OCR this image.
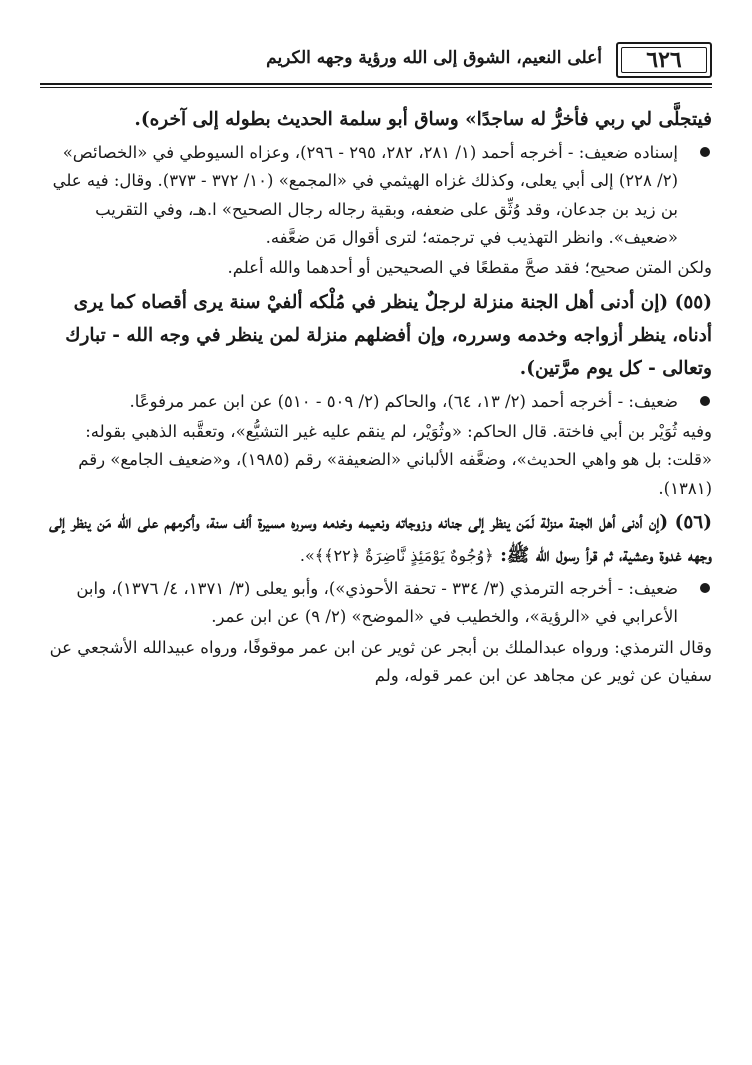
٦٢٦
أعلى النعيم، الشوق إلى الله ورؤية وجهه الكريم

فيتجلَّى لي ربي فأخرُّ له ساجدًا» وساق أبو سلمة الحديث بطوله إلى آخره).

إسناده ضعيف: - أخرجه أحمد (١/ ٢٨١، ٢٨٢، ٢٩٥ - ٢٩٦)، وعزاه السيوطي في «الخصائص» (٢/ ٢٢٨) إلى أبي يعلى، وكذلك غزاه الهيثمي في «المجمع» (١٠/ ٣٧٢ - ٣٧٣). وقال: فيه علي بن زيد بن جدعان، وقد وُثِّق على ضعفه، وبقية رجاله رجال الصحيح» ا.هـ، وفي التقريب «ضعيف». وانظر التهذيب في ترجمته؛ لترى أقوال مَن ضعَّفه.

ولكن المتن صحيح؛ فقد صحَّ مقطعًا في الصحيحين أو أحدهما والله أعلم.

(٥٥) (إن أدنى أهل الجنة منزلة لرجلٌ ينظر في مُلْكه ألفيْ سنة يرى أقصاه كما يرى أدناه، ينظر أزواجه وخدمه وسرره، وإن أفضلهم منزلة لمن ينظر في وجه الله - تبارك وتعالى - كل يوم مرَّتين).

ضعيف: - أخرجه أحمد (٢/ ١٣، ٦٤)، والحاكم (٢/ ٥٠٩ - ٥١٠) عن ابن عمر مرفوعًا.

وفيه ثُوَيْر بن أبي فاختة. قال الحاكم: «وثُوَيْر، لم ينقم عليه غير التشيُّع»، وتعقَّبه الذهبي بقوله: «قلت: بل هو واهي الحديث»، وضعَّفه الألباني «الضعيفة» رقم (١٩٨٥)، و«ضعيف الجامع» رقم (١٣٨١).

(٥٦) (إن أدنى أهل الجنة منزلة لَمَن ينظر إلى جنانه وزوجاته ونعيمه وخدمه وسرره مسيرة ألف سنة، وأكرمهم على الله مَن ينظر إلى وجهه غدوة وعشية، ثم قرأ رسول الله ﷺ: ﴿وُجُوهٌ يَوْمَئِذٍ نَّاضِرَةٌ ﴿٢٢﴾﴾».

ضعيف: - أخرجه الترمذي (٣/ ٣٣٤ - تحفة الأحوذي»)، وأبو يعلى (٣/ ١٣٧١، ٤/ ١٣٧٦)، وابن الأعرابي في «الرؤية»، والخطيب في «الموضح» (٢/ ٩) عن ابن عمر.

وقال الترمذي: ورواه عبدالملك بن أبجر عن ثوير عن ابن عمر موقوفًا، ورواه عبيدالله الأشجعي عن سفيان عن ثوير عن مجاهد عن ابن عمر قوله، ولم
